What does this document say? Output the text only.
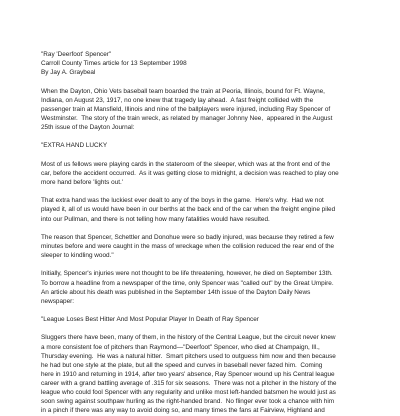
"Ray 'Deerfoot' Spencer"
Carroll County Times article for 13 September 1998
By Jay A. Graybeal
When the Dayton, Ohio Vets baseball team boarded the train at Peoria, Illinois, bound for Ft. Wayne,
Indiana, on August 23, 1917, no one knew that tragedy lay ahead.  A fast freight collided with the
passenger train at Mansfield, Illinois and nine of the ballplayers were injured, including Ray Spencer of
Westminster.  The story of the train wreck, as related by manager Johnny Nee,  appeared in the August
25th issue of the Dayton Journal:
"EXTRA HAND LUCKY
Most of us fellows were playing cards in the stateroom of the sleeper, which was at the front end of the
car, before the accident occurred.  As it was getting close to midnight, a decision was reached to play one
more hand before 'lights out.'
That extra hand was the luckiest ever dealt to any of the boys in the game.  Here's why.  Had we not
played it, all of us would have been in our berths at the back end of the car when the freight engine piled
into our Pullman, and there is not telling how many fatalities would have resulted.
The reason that Spencer, Schettler and Donohue were so badly injured, was because they retired a few
minutes before and were caught in the mass of wreckage when the collision reduced the rear end of the
sleeper to kindling wood."
Initially, Spencer's injuries were not thought to be life threatening, however, he died on September 13th.
To borrow a headline from a newspaper of the time, only Spencer was "called out" by the Great Umpire.
An article about his death was published in the September 14th issue of the Dayton Daily News
newspaper:
"League Loses Best Hitter And Most Popular Player In Death of Ray Spencer
Sluggers there have been, many of them, in the history of the Central League, but the circuit never knew
a more consistent foe of pitchers than Raymond—"Deerfoot" Spencer, who died at Champaign, Ill.,
Thursday evening.  He was a natural hitter.  Smart pitchers used to outguess him now and then because
he had but one style at the plate, but all the speed and curves in baseball never fazed him.  Coming
here in 1910 and returning in 1914, after two years' absence, Ray Spencer wound up his Central league
career with a grand battling average of .315 for six seasons.  There was not a pitcher in the history of the
league who could fool Spencer with any regularity and unlike most left-handed batsmen he would just as
soon swing against southpaw hurling as the right-handed brand.  No flinger ever took a chance with him
in a pinch if there was any way to avoid doing so, and many times the fans at Fairview, Highland and
